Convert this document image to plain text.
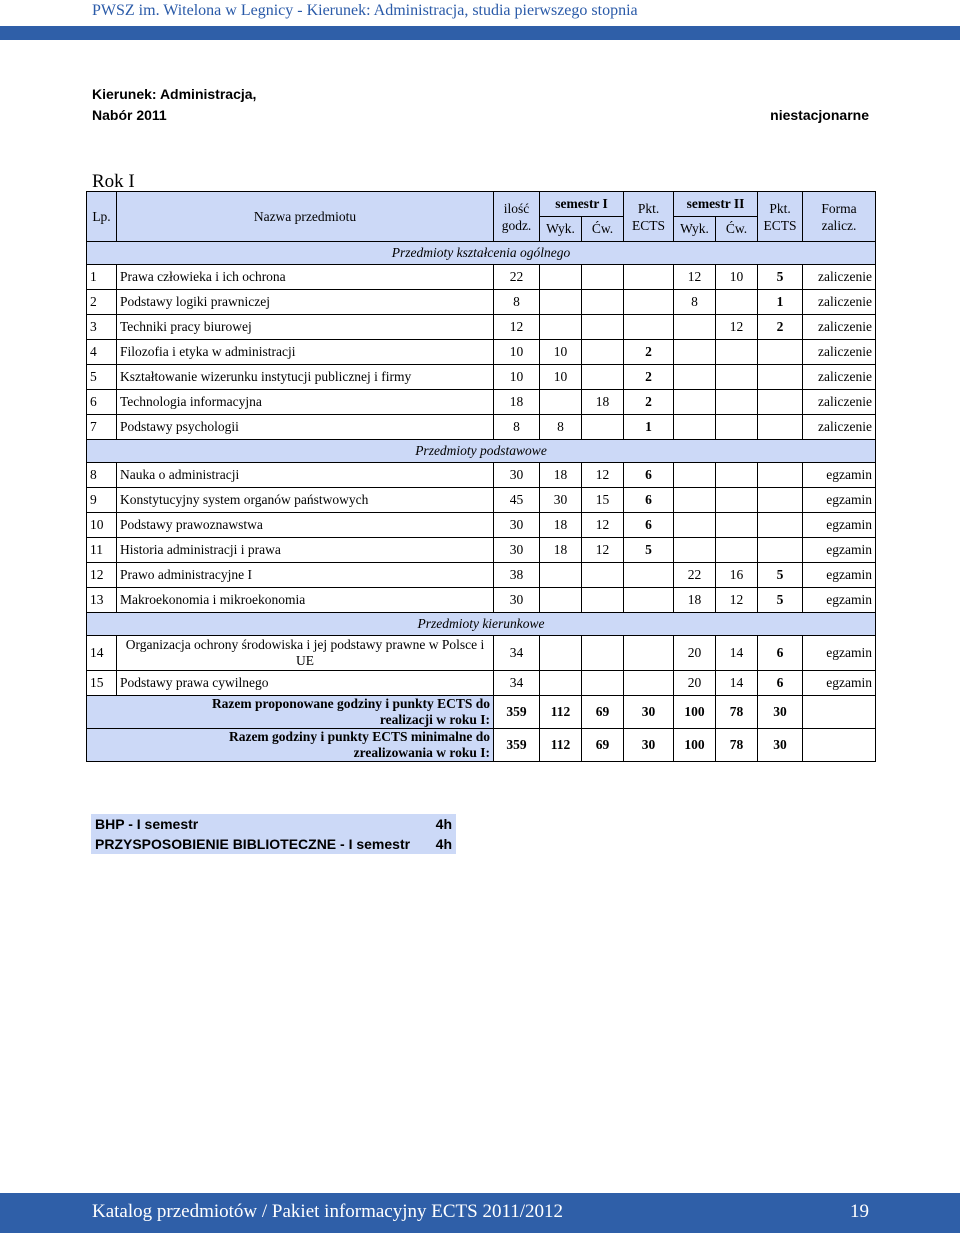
PWSZ im. Witelona w Legnicy - Kierunek: Administracja, studia pierwszego stopnia
Kierunek: Administracja,
Nabór 2011	niestacjonarne
Rok I
Lp.	Nazwa przedmiotu	ilość godz.	semestr I		Pkt. ECTS	semestr II		Pkt. ECTS	Forma zalicz.
			Wyk.	Ćw.		Wyk.	Ćw.		
Przedmioty kształcenia ogólnego									
1	Prawa człowieka i ich ochrona	22				12	10	5	zaliczenie
2	Podstawy logiki prawniczej	8				8		1	zaliczenie
3	Techniki pracy biurowej	12					12	2	zaliczenie
4	Filozofia i etyka w administracji	10	10		2				zaliczenie
5	Kształtowanie wizerunku instytucji publicznej i firmy	10	10		2				zaliczenie
6	Technologia informacyjna	18		18	2				zaliczenie
7	Podstawy psychologii	8	8		1				zaliczenie
Przedmioty podstawowe									
8	Nauka o administracji	30	18	12	6				egzamin
9	Konstytucyjny system organów państwowych	45	30	15	6				egzamin
10	Podstawy prawoznawstwa	30	18	12	6				egzamin
11	Historia administracji i prawa	30	18	12	5				egzamin
12	Prawo administracyjne I	38				22	16	5	egzamin
13	Makroekonomia i mikroekonomia	30				18	12	5	egzamin
Przedmioty kierunkowe									
14	Organizacja ochrony środowiska i jej podstawy prawne w Polsce i UE	34				20	14	6	egzamin
15	Podstawy prawa cywilnego	34				20	14	6	egzamin
Razem proponowane godziny i punkty ECTS do realizacji w roku I:		359	112	69	30	100	78	30	
Razem godziny i punkty ECTS minimalne do zrealizowania w roku I:		359	112	69	30	100	78	30	
BHP - I semestr	4h
PRZYSPOSOBIENIE BIBLIOTECZNE - I semestr	4h
Katalog przedmiotów / Pakiet informacyjny ECTS 2011/2012	19
